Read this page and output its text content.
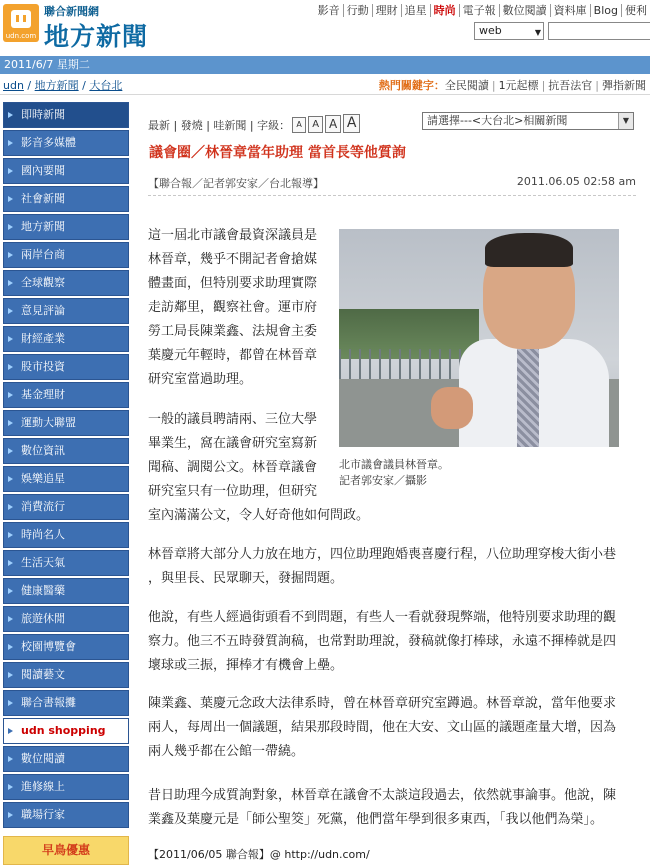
udn.com
聯合新聞網
地方新聞
影音 行動 理財 追星 時尚 電子報 數位閱讀 資料庫 Blog 便利
web	▼
2011/6/7 星期二
udn / 地方新聞 / 大台北	熱門關鍵字：全民閱讀 | 1元起標 | 抗吾法官 | 彈指新聞
即時新聞
影音多媒體
國內要聞
社會新聞
地方新聞
兩岸台商
全球觀察
意見評論
財經產業
股市投資
基金理財
運動大聯盟
數位資訊
娛樂追星
消費流行
時尚名人
生活天氣
健康醫藥
旅遊休閒
校園博覽會
閱讀藝文
聯合書報攤
udn shopping
數位閱讀
進修線上
職場行家
早鳥優惠
最新 | 發燒 | 哇新聞 | 字級： A A A A	請選擇---<大台北>相關新聞	▼
議會圈／林晉章當年助理 當首長等他質詢
【聯合報／記者郭安家／台北報導】	2011.06.05 02:58 am
北市議會議員林晉章。
記者郭安家／攝影
這一屆北市議會最資深議員是
林晉章，幾乎不開記者會搶媒
體畫面，但特別要求助理實際
走訪鄰里，觀察社會。運市府
勞工局長陳業鑫、法規會主委
葉慶元年輕時，都曾在林晉章
研究室當過助理。
一般的議員聘請兩、三位大學
畢業生，窩在議會研究室寫新
聞稿、調閱公文。林晉章議會
研究室只有一位助理，但研究
室內滿滿公文，令人好奇他如何問政。
林晉章將大部分人力放在地方，四位助理跑婚喪喜慶行程，八位助理穿梭大街小巷
，與里長、民眾聊天，發掘問題。
他說，有些人經過街頭看不到問題，有些人一看就發現弊端，他特別要求助理的觀
察力。他三不五時發質詢稿，也常對助理說，發稿就像打棒球，永遠不揮棒就是四
壞球或三振，揮棒才有機會上壘。
陳業鑫、葉慶元念政大法律系時，曾在林晉章研究室蹲過。林晉章說，當年他要求
兩人，每周出一個議題，結果那段時間，他在大安、文山區的議題產量大增，因為
兩人幾乎都在公館一帶繞。
昔日助理今成質詢對象，林晉章在議會不太談這段過去，依然就事論事。他說，陳
業鑫及葉慶元是「師公聖筊」死黨，他們當年學到很多東西，「我以他們為榮」。
【2011/06/05 聯合報】@ http://udn.com/
